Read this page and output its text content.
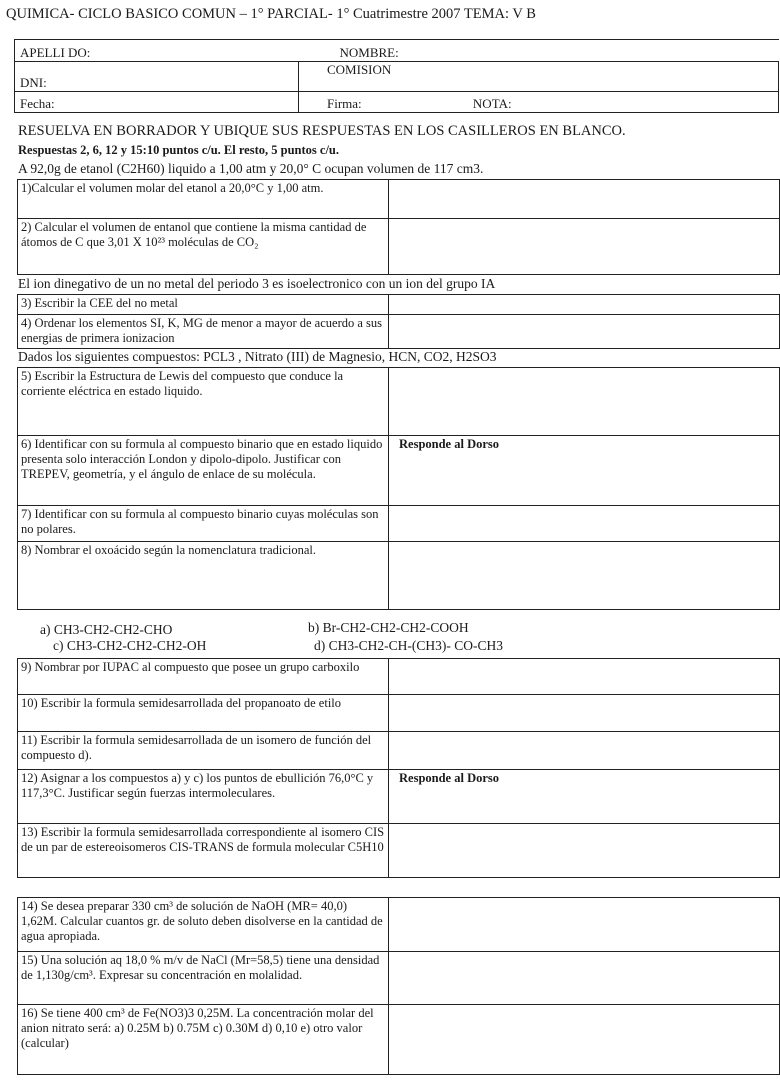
QUIMICA- CICLO BASICO COMUN – 1° PARCIAL- 1° Cuatrimestre 2007 TEMA: V B
APELLI DO: NOMBRE:	

DNI:	COMISION
Fecha:	Firma: NOTA:
RESUELVA EN BORRADOR Y UBIQUE SUS RESPUESTAS EN LOS CASILLEROS EN BLANCO.
Respuestas 2, 6, 12 y 15:10 puntos c/u. El resto, 5 puntos c/u.
A 92,0g de etanol (C2H60) liquido a 1,00 atm y 20,0° C ocupan volumen de 117 cm3.
1)Calcular el volumen molar del etanol a 20,0°C y 1,00 atm.	
2) Calcular el volumen de entanol que contiene la misma cantidad de átomos de C que 3,01 X 10²³ moléculas de CO₂	
El ion dinegativo de un no metal del periodo 3 es isoelectronico con un ion del grupo IA
3) Escribir la CEE del no metal	
4) Ordenar los elementos SI, K, MG de menor a mayor de acuerdo a sus energias de primera ionizacion	
Dados los siguientes compuestos: PCL3 , Nitrato (III) de Magnesio, HCN, CO2, H2SO3
5) Escribir la Estructura de Lewis del compuesto que conduce la corriente eléctrica en estado liquido.	
6) Identificar con su formula al compuesto binario que en estado liquido presenta solo interacción London y dipolo-dipolo. Justificar con TREPEV, geometría, y el ángulo de enlace de su molécula.	Responde al Dorso
7) Identificar con su formula al compuesto binario cuyas moléculas son no polares.	
8) Nombrar el oxoácido según la nomenclatura tradicional.	
a) CH3-CH2-CH2-CHO	b) Br-CH2-CH2-CH2-COOH
c) CH3-CH2-CH2-CH2-OH	d) CH3-CH2-CH-(CH3)- CO-CH3
9) Nombrar por IUPAC al compuesto que posee un grupo carboxilo	
10) Escribir la formula semidesarrollada del propanoato de etilo	
11) Escribir la formula semidesarrollada de un isomero de función del compuesto d).	
12) Asignar a los compuestos a) y c) los puntos de ebullición 76,0°C y 117,3°C. Justificar según fuerzas intermoleculares.	Responde al Dorso
13) Escribir la formula semidesarrollada correspondiente al isomero CIS de un par de estereoisomeros CIS-TRANS de formula molecular C5H10	
14) Se desea preparar 330 cm³ de solución de NaOH (MR= 40,0) 1,62M. Calcular cuantos gr. de soluto deben disolverse en la cantidad de agua apropiada.	
15) Una solución aq 18,0 % m/v de NaCl (Mr=58,5) tiene una densidad de 1,130g/cm³. Expresar su concentración en molalidad.	
16) Se tiene 400 cm³ de Fe(NO3)3 0,25M. La concentración molar del anion nitrato será: a) 0.25M b) 0.75M c) 0.30M d) 0,10 e) otro valor (calcular)	
